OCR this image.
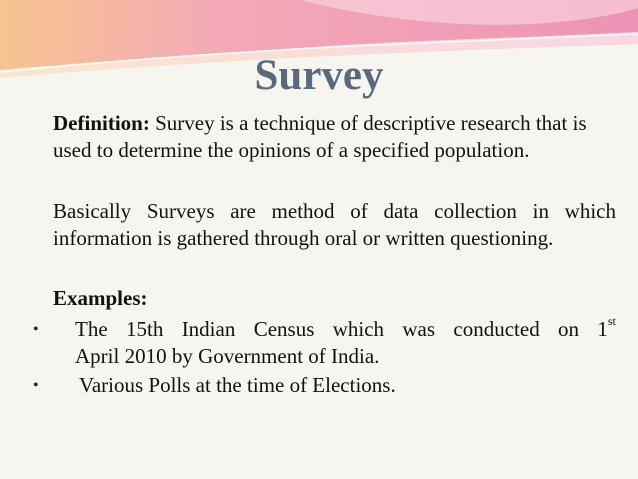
Survey
Definition: Survey is a technique of descriptive research that is used to determine the opinions of a specified population.
Basically Surveys are method of data collection in which information is gathered through oral or written questioning.
Examples:
• The 15th Indian Census which was conducted on 1st
April 2010 by Government of India.
• Various Polls at the time of Elections.
